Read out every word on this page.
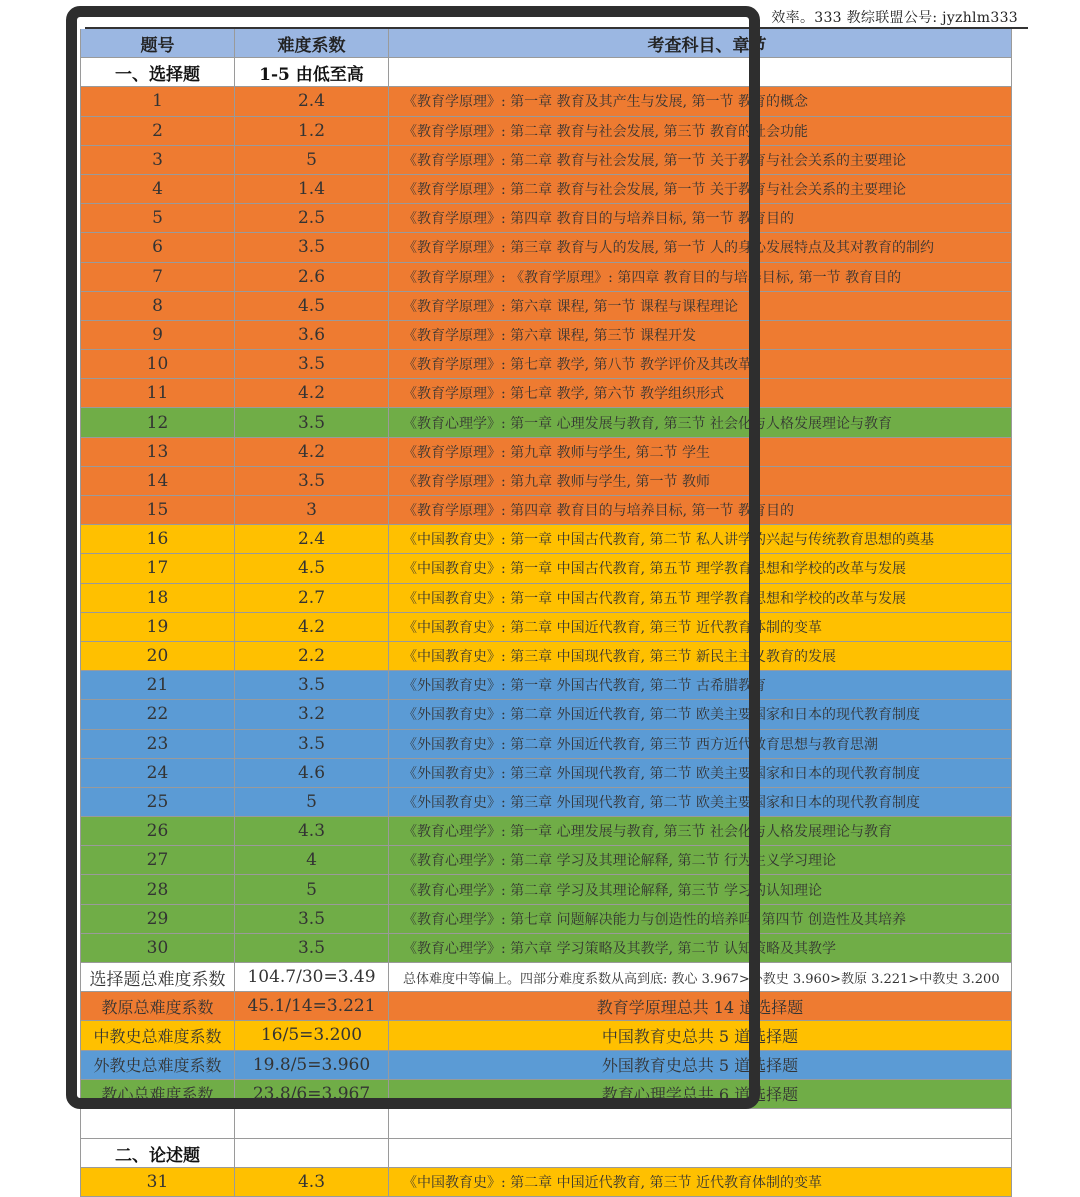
效率。333 教综联盟公号: jyzhlm333
题号	难度系数	考查科目、章节
一、选择题	1-5 由低至高
1	2.4	《教育学原理》: 第一章 教育及其产生与发展, 第一节 教育的概念
2	1.2	《教育学原理》: 第二章 教育与社会发展, 第三节 教育的社会功能
3	5	《教育学原理》: 第二章 教育与社会发展, 第一节 关于教育与社会关系的主要理论
4	1.4	《教育学原理》: 第二章 教育与社会发展, 第一节 关于教育与社会关系的主要理论
5	2.5	《教育学原理》: 第四章 教育目的与培养目标, 第一节 教育目的
6	3.5	《教育学原理》: 第三章 教育与人的发展, 第一节 人的身心发展特点及其对教育的制约
7	2.6	《教育学原理》: 《教育学原理》: 第四章 教育目的与培养目标, 第一节 教育目的
8	4.5	《教育学原理》: 第六章 课程, 第一节 课程与课程理论
9	3.6	《教育学原理》: 第六章 课程, 第三节 课程开发
10	3.5	《教育学原理》: 第七章 教学, 第八节 教学评价及其改革
11	4.2	《教育学原理》: 第七章 教学, 第六节 教学组织形式
12	3.5	《教育心理学》: 第一章 心理发展与教育, 第三节 社会化与人格发展理论与教育
13	4.2	《教育学原理》: 第九章 教师与学生, 第二节 学生
14	3.5	《教育学原理》: 第九章 教师与学生, 第一节 教师
15	3	《教育学原理》: 第四章 教育目的与培养目标, 第一节 教育目的
16	2.4	《中国教育史》: 第一章 中国古代教育, 第二节 私人讲学的兴起与传统教育思想的奠基
17	4.5	《中国教育史》: 第一章 中国古代教育, 第五节 理学教育思想和学校的改革与发展
18	2.7	《中国教育史》: 第一章 中国古代教育, 第五节 理学教育思想和学校的改革与发展
19	4.2	《中国教育史》: 第二章 中国近代教育, 第三节 近代教育体制的变革
20	2.2	《中国教育史》: 第三章 中国现代教育, 第三节 新民主主义教育的发展
21	3.5	《外国教育史》: 第一章 外国古代教育, 第二节 古希腊教育
22	3.2	《外国教育史》: 第二章 外国近代教育, 第二节 欧美主要国家和日本的现代教育制度
23	3.5	《外国教育史》: 第二章 外国近代教育, 第三节 西方近代教育思想与教育思潮
24	4.6	《外国教育史》: 第三章 外国现代教育, 第二节 欧美主要国家和日本的现代教育制度
25	5	《外国教育史》: 第三章 外国现代教育, 第二节 欧美主要国家和日本的现代教育制度
26	4.3	《教育心理学》: 第一章 心理发展与教育, 第三节 社会化与人格发展理论与教育
27	4	《教育心理学》: 第二章 学习及其理论解释, 第二节 行为主义学习理论
28	5	《教育心理学》: 第二章 学习及其理论解释, 第三节 学习的认知理论
29	3.5	《教育心理学》: 第七章 问题解决能力与创造性的培养吗, 第四节 创造性及其培养
30	3.5	《教育心理学》: 第六章 学习策略及其教学, 第二节 认知策略及其教学
选择题总难度系数	104.7/30=3.49	总体难度中等偏上。四部分难度系数从高到底: 教心 3.967>外教史 3.960>教原 3.221>中教史 3.200
教原总难度系数	45.1/14=3.221	教育学原理总共 14 道选择题
中教史总难度系数	16/5=3.200	中国教育史总共 5 道选择题
外教史总难度系数	19.8/5=3.960	外国教育史总共 5 道选择题
教心总难度系数	23.8/6=3.967	教育心理学总共 6 道选择题
二、论述题
31	4.3	《中国教育史》: 第二章 中国近代教育, 第三节 近代教育体制的变革
